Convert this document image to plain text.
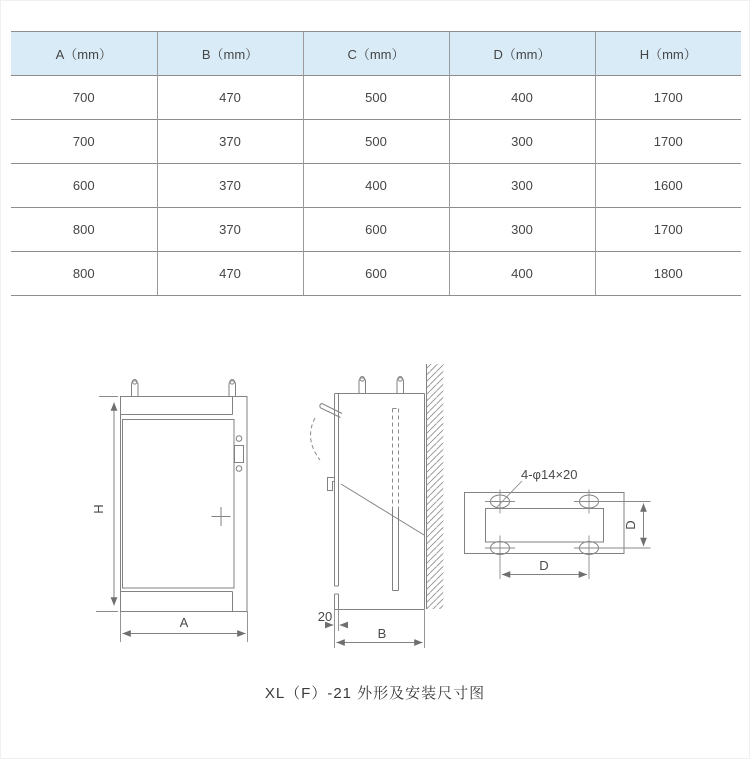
A（mm）	B（mm）	C（mm）	D（mm）	H（mm）
700	470	500	400	1700
700	370	500	300	1700
600	370	400	300	1600
800	370	600	300	1700
800	470	600	400	1800
H
A	20
B
4-φ14×20
D
D
XL（F）-21 外形及安装尺寸图
